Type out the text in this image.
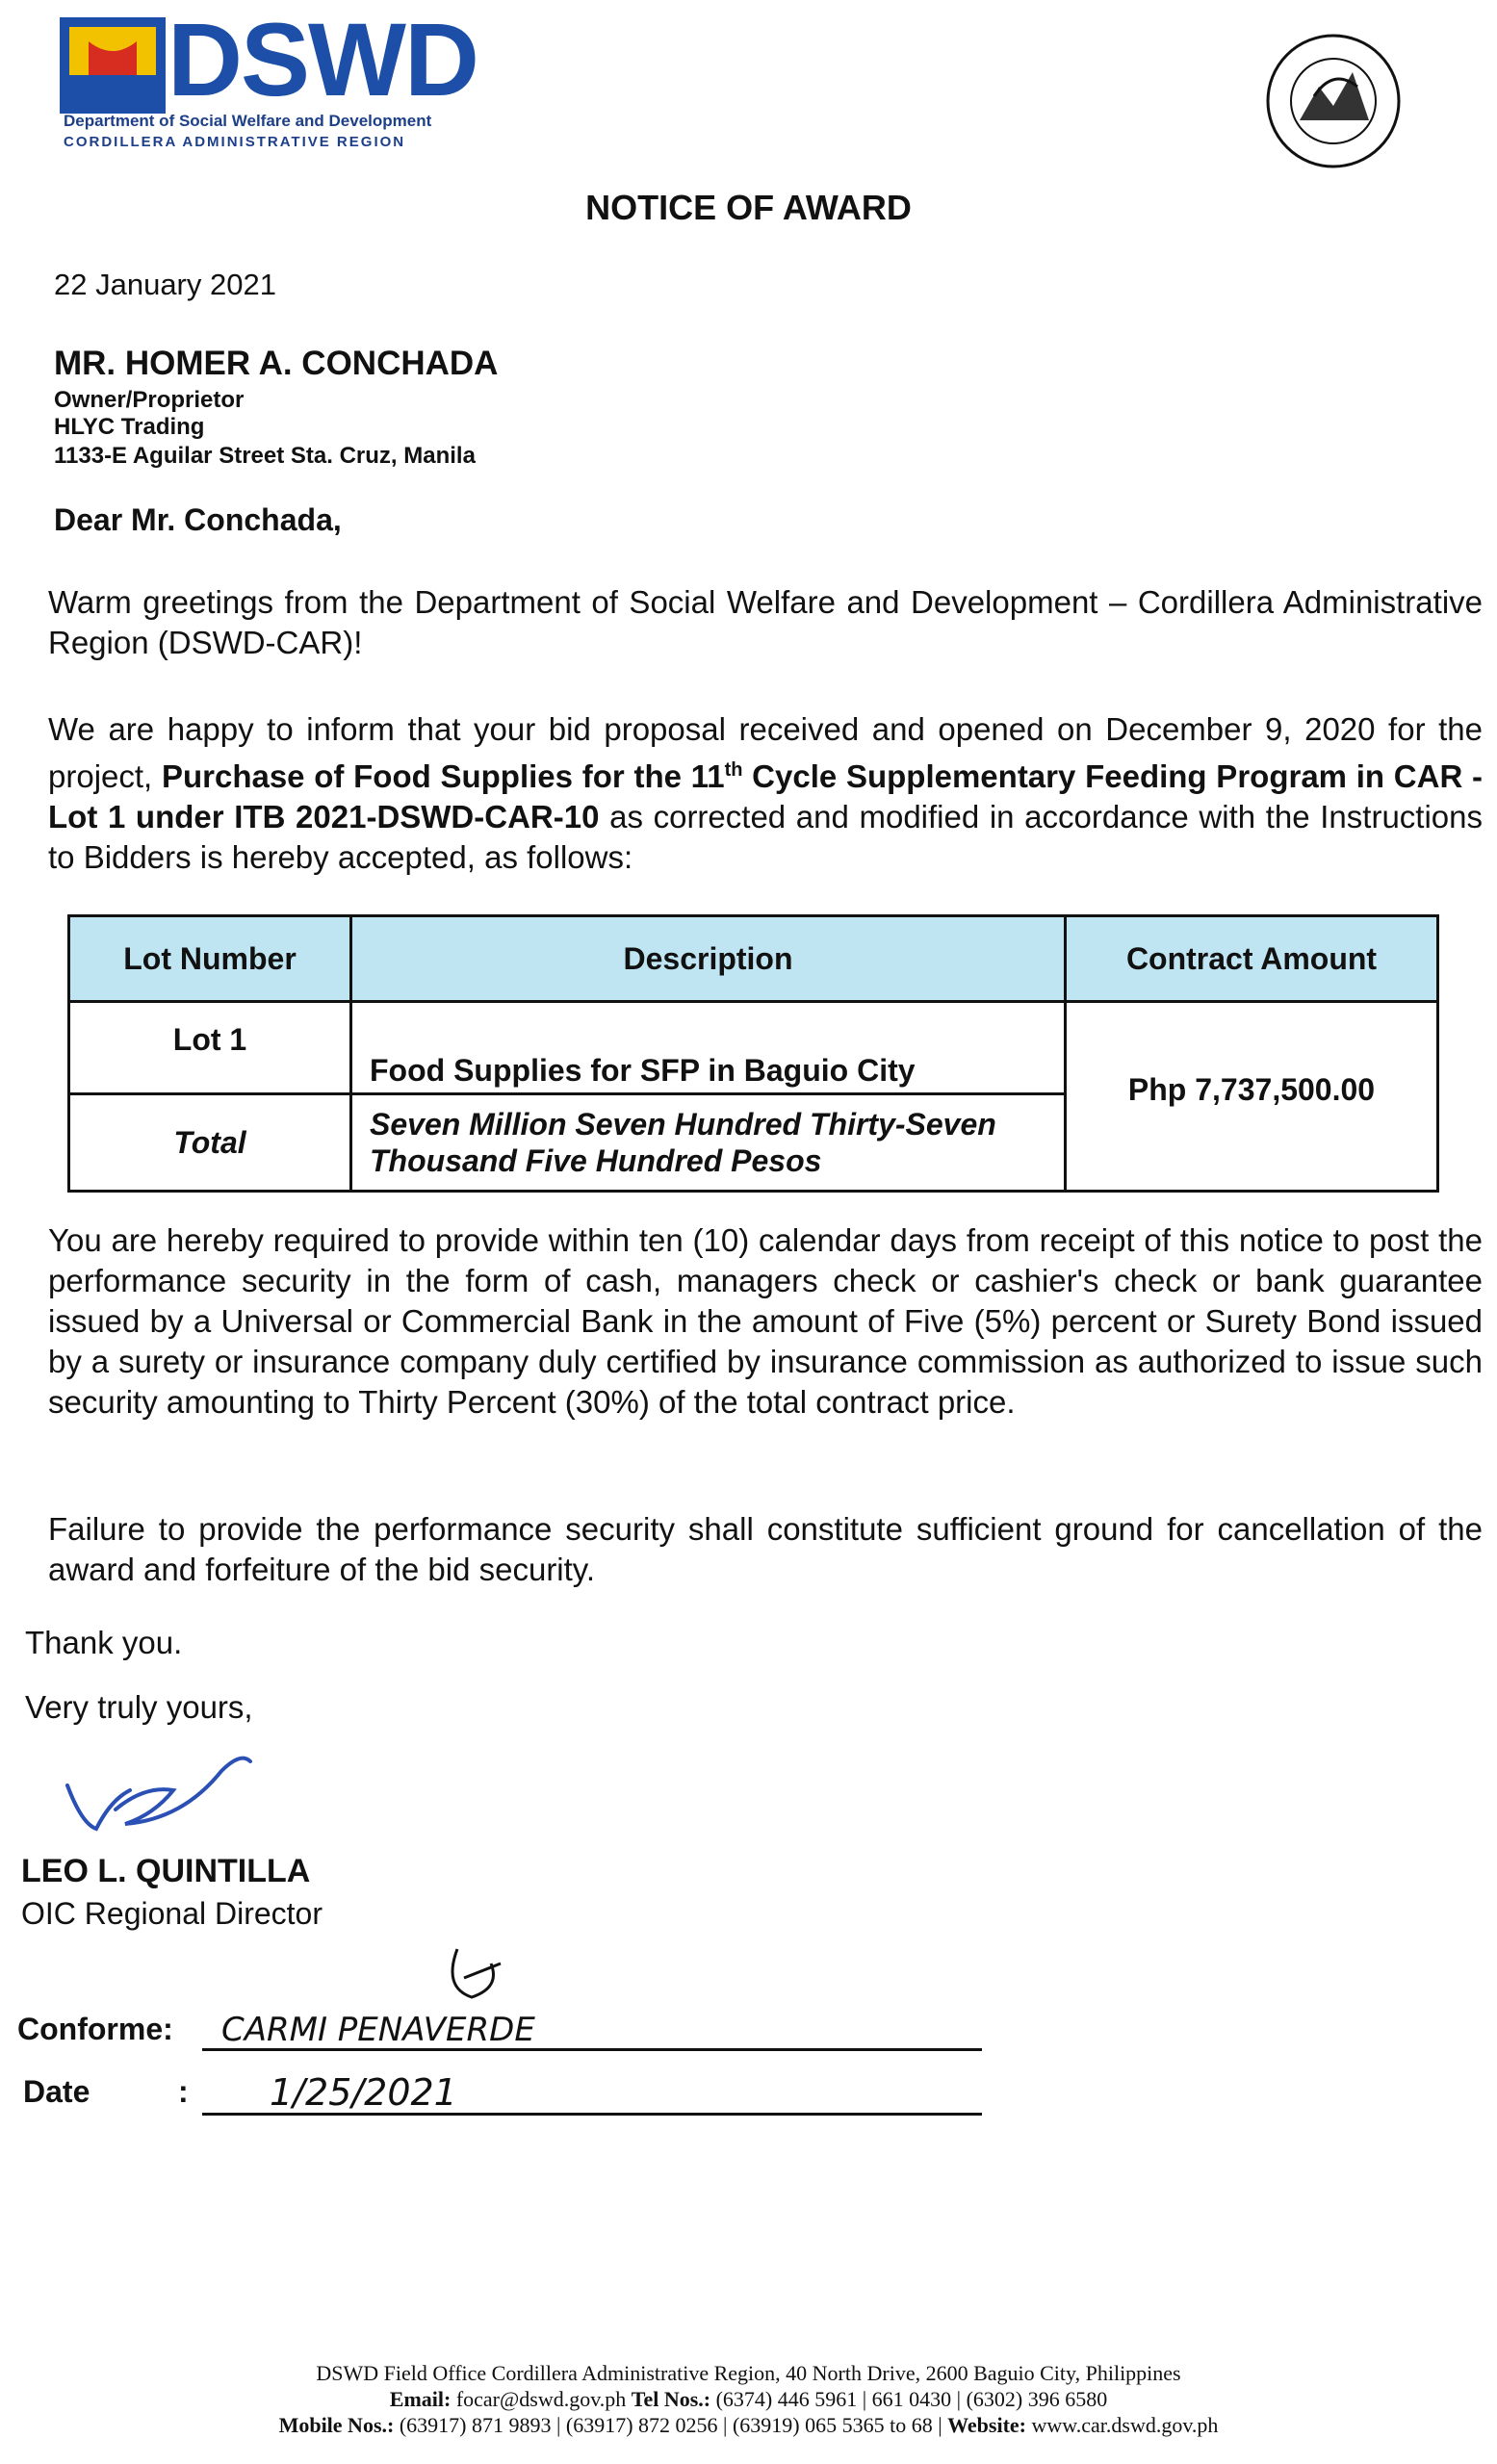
DSWD
Department of Social Welfare and Development
CORDILLERA ADMINISTRATIVE REGION
NOTICE OF AWARD
22 January 2021
MR. HOMER A. CONCHADA
Owner/Proprietor
HLYC Trading
1133-E Aguilar Street Sta. Cruz, Manila
Dear Mr. Conchada,
Warm greetings from the Department of Social Welfare and Development – Cordillera Administrative Region (DSWD-CAR)!
We are happy to inform that your bid proposal received and opened on December 9, 2020 for the project, Purchase of Food Supplies for the 11th Cycle Supplementary Feeding Program in CAR - Lot 1 under ITB 2021-DSWD-CAR-10 as corrected and modified in accordance with the Instructions to Bidders is hereby accepted, as follows:
Lot Number	Description	Contract Amount
Lot 1	Food Supplies for SFP in Baguio City	Php 7,737,500.00
Total	Seven Million Seven Hundred Thirty-Seven Thousand Five Hundred Pesos	
You are hereby required to provide within ten (10) calendar days from receipt of this notice to post the performance security in the form of cash, managers check or cashier's check or bank guarantee issued by a Universal or Commercial Bank in the amount of Five (5%) percent or Surety Bond issued by a surety or insurance company duly certified by insurance commission as authorized to issue such security amounting to Thirty Percent (30%) of the total contract price.
Failure to provide the performance security shall constitute sufficient ground for cancellation of the award and forfeiture of the bid security.
Thank you.
Very truly yours,
LEO L. QUINTILLA
OIC Regional Director
Conforme: CARMI PENAVERDE
Date	: 1/25/2021
DSWD Field Office Cordillera Administrative Region, 40 North Drive, 2600 Baguio City, Philippines
Email: focar@dswd.gov.ph Tel Nos.: (6374) 446 5961 | 661 0430 | (6302) 396 6580
Mobile Nos.: (63917) 871 9893 | (63917) 872 0256 | (63919) 065 5365 to 68 | Website: www.car.dswd.gov.ph
